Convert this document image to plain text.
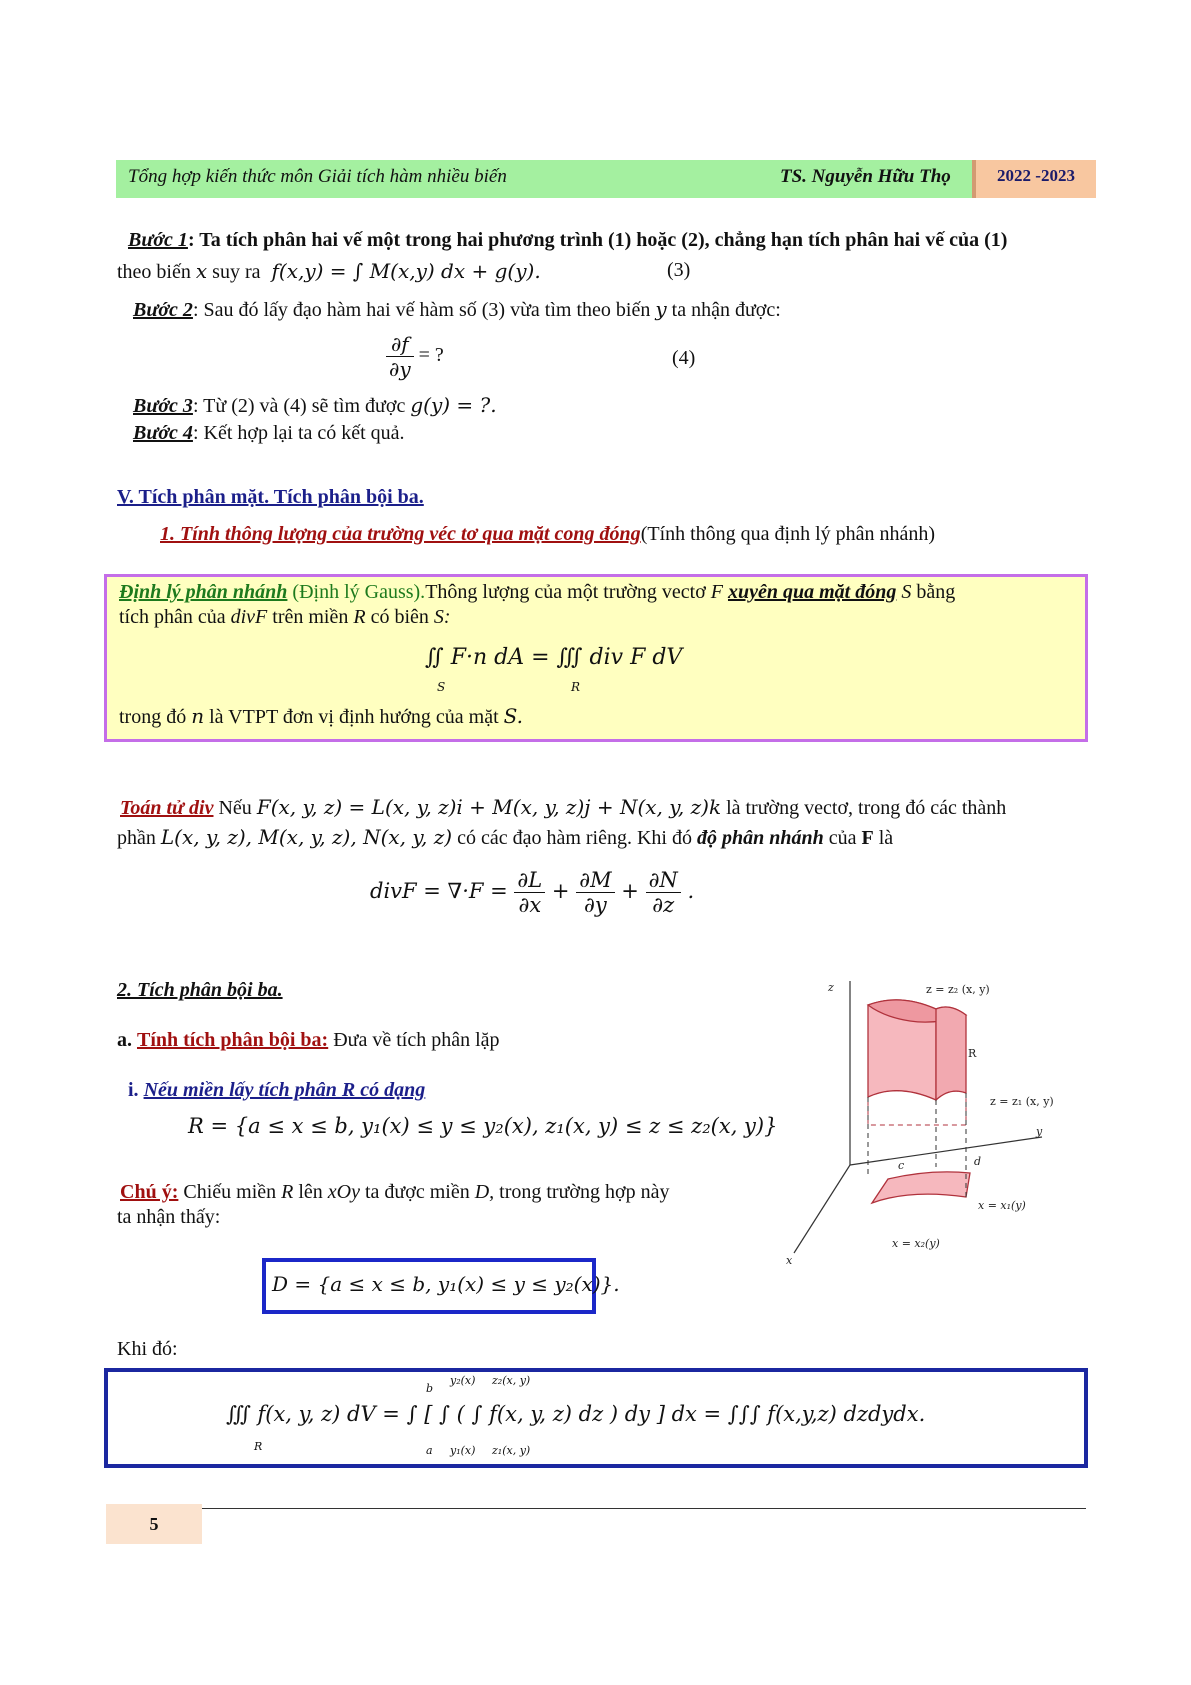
Tổng hợp kiến thức môn Giải tích hàm nhiều biến	TS. Nguyễn Hữu Thọ	2022 -2023
Bước 1: Ta tích phân hai vế một trong hai phương trình (1) hoặc (2), chẳng hạn tích phân hai vế của (1)
theo biến x suy ra f(x,y) = ∫ M(x,y) dx + g(y).	(3)
Bước 2: Sau đó lấy đạo hàm hai vế hàm số (3) vừa tìm theo biến y ta nhận được:
$\frac{\partial f}{\partial y}$ = ?	(4)
Bước 3: Từ (2) và (4) sẽ tìm được g(y) = ?.
Bước 4: Kết hợp lại ta có kết quả.
V. Tích phân mặt. Tích phân bội ba.
1. Tính thông lượng của trường véc tơ qua mặt cong đóng(Tính thông qua định lý phân nhánh)
Định lý phân nhánh (Định lý Gauss).Thông lượng của một trường vectơ F xuyên qua mặt đóng S bằng
tích phân của divF trên miền R có biên S:
∬ F·n dA = ∭ div F dV
S	R
trong đó n là VTPT đơn vị định hướng của mặt S.
Toán tử div Nếu F(x, y, z) = L(x, y, z)i + M(x, y, z)j + N(x, y, z)k là trường vectơ, trong đó các thành
phần L(x, y, z), M(x, y, z), N(x, y, z) có các đạo hàm riêng. Khi đó độ phân nhánh của F là
divF = $\nabla\cdot F = \frac{\partial L}{\partial x} + \frac{\partial M}{\partial y} + \frac{\partial N}{\partial z}$ .
2. Tích phân bội ba.
a. Tính tích phân bội ba: Đưa về tích phân lặp
i. Nếu miền lấy tích phân R có dạng
R = {a ≤ x ≤ b, y₁(x) ≤ y ≤ y₂(x), z₁(x, y) ≤ z ≤ z₂(x, y)}
Chú ý: Chiếu miền R lên xOy ta được miền D, trong trường hợp này
ta nhận thấy:
D = {a ≤ x ≤ b, y₁(x) ≤ y ≤ y₂(x)}.
Khi đó:
∭ f(x, y, z) dV = ∫ [ ∫ ( ∫ f(x, y, z) dz ) dy ] dx = ∫∫∫ f(x,y,z) dzdydx.
R
b
a
y₂(x)
y₁(x)
z₂(x, y)
z₁(x, y)
z
y
x
z = z₂ (x, y)
R
z = z₁ (x, y)
c	d
x = x₁(y)
x = x₂(y)
5
